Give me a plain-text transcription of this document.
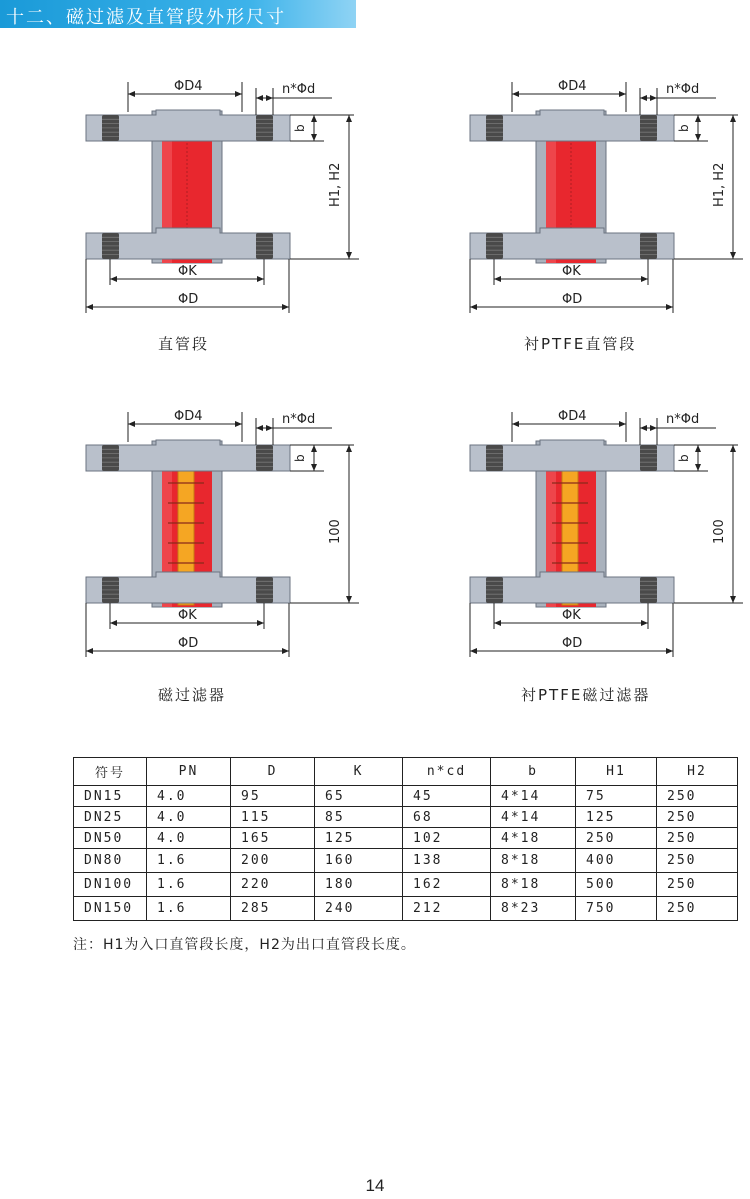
十二、磁过滤及直管段外形尺寸
ΦD4	n*Φd
b
H1, H2
ΦK
ΦD
ΦD4	n*Φd
b
H1, H2
ΦK
ΦD
ΦD4	n*Φd
b
100
ΦK
ΦD
ΦD4	n*Φd
b
100
ΦK
ΦD
直管段	衬PTFE直管段
磁过滤器	衬PTFE磁过滤器
符号	PN	D	K	n*cd	b	H1	H2
DN15	4.0	95	65	45	4*14	75	250
DN25	4.0	115	85	68	4*14	125	250
DN50	4.0	165	125	102	4*18	250	250
DN80	1.6	200	160	138	8*18	400	250
DN100	1.6	220	180	162	8*18	500	250
DN150	1.6	285	240	212	8*23	750	250
注：H1为入口直管段长度，H2为出口直管段长度。
14
